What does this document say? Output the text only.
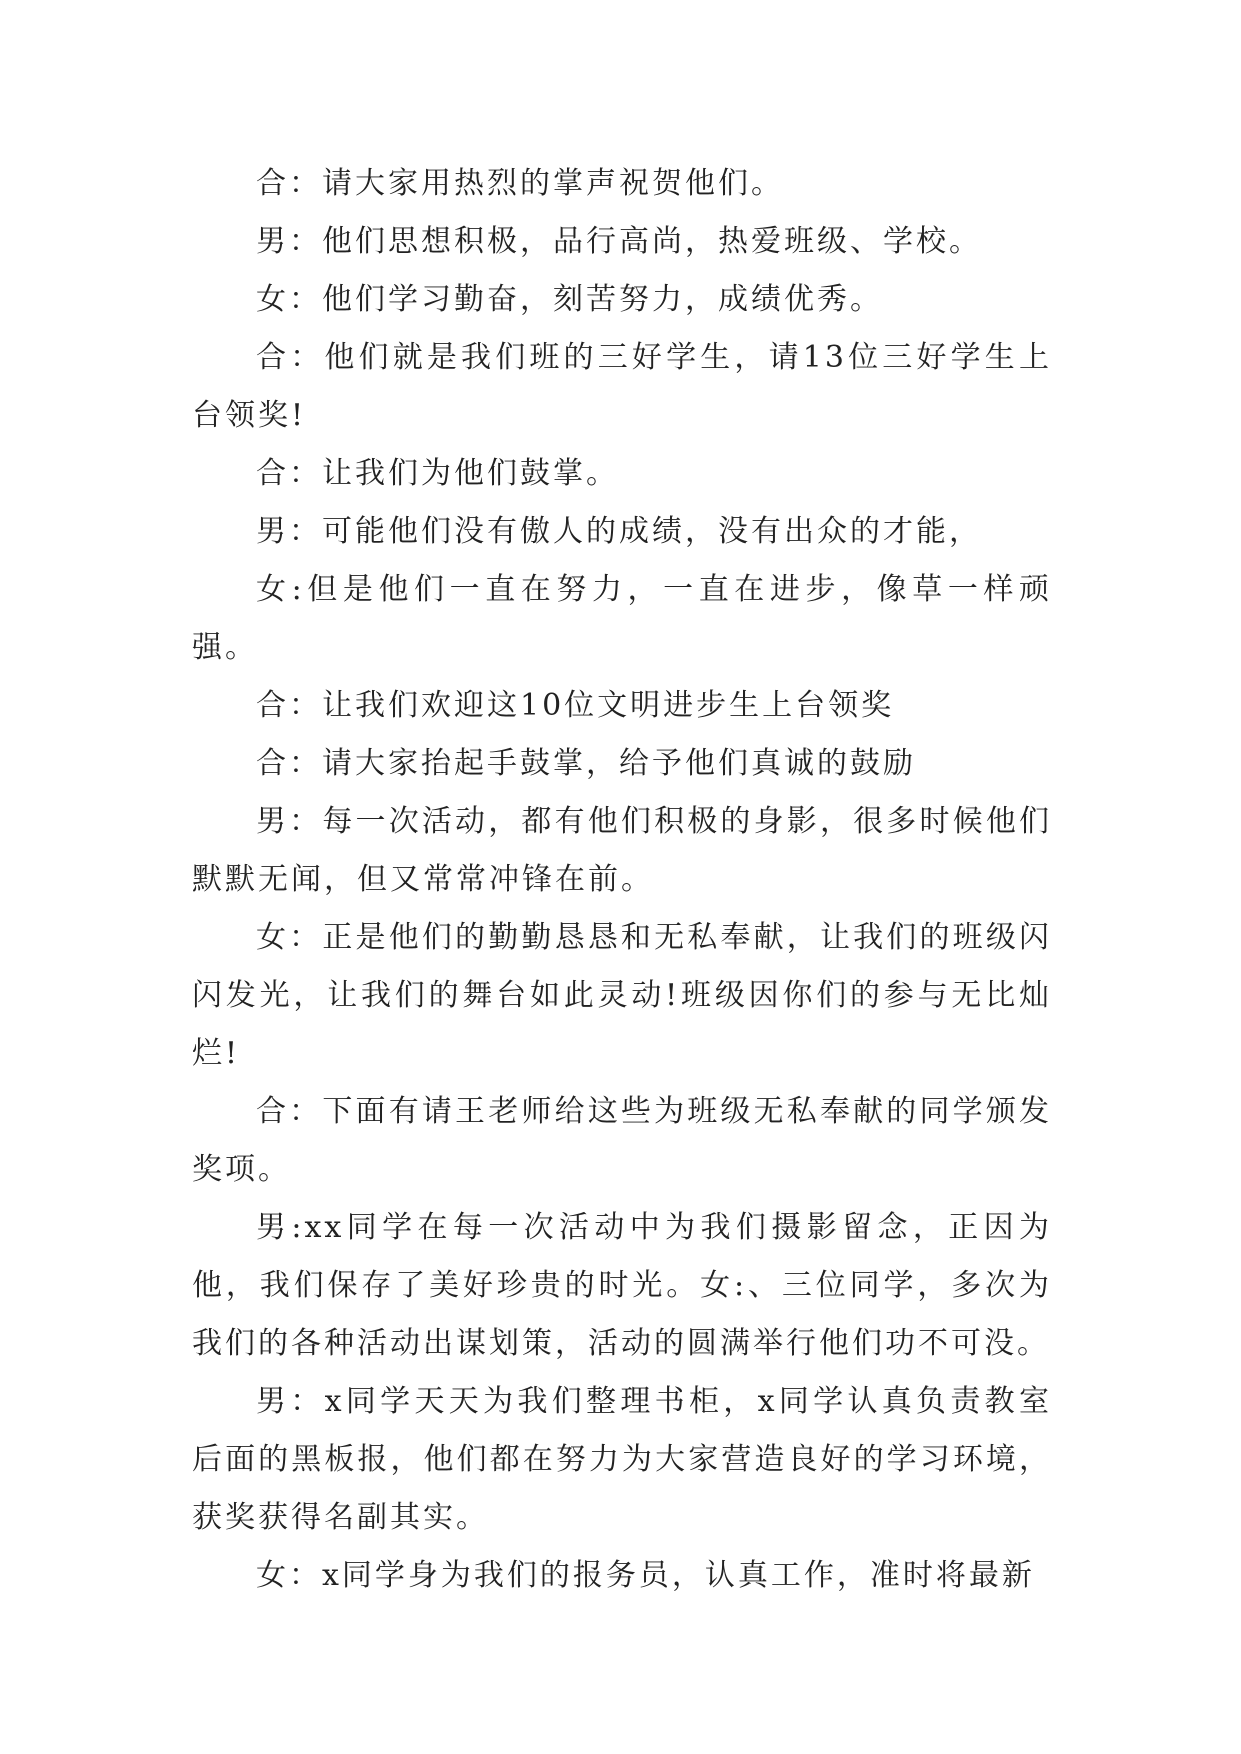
合：请大家用热烈的掌声祝贺他们。

男：他们思想积极，品行高尚，热爱班级、学校。

女：他们学习勤奋，刻苦努力，成绩优秀。

合：他们就是我们班的三好学生，请13位三好学生上台领奖!

合：让我们为他们鼓掌。

男：可能他们没有傲人的成绩，没有出众的才能，

女:但是他们一直在努力，一直在进步，像草一样顽强。

合：让我们欢迎这10位文明进步生上台领奖

合：请大家抬起手鼓掌，给予他们真诚的鼓励

男：每一次活动，都有他们积极的身影，很多时候他们默默无闻，但又常常冲锋在前。

女：正是他们的勤勤恳恳和无私奉献，让我们的班级闪闪发光，让我们的舞台如此灵动!班级因你们的参与无比灿烂!

合：下面有请王老师给这些为班级无私奉献的同学颁发奖项。

男:xx同学在每一次活动中为我们摄影留念，正因为他，我们保存了美好珍贵的时光。女:、三位同学，多次为我们的各种活动出谋划策，活动的圆满举行他们功不可没。

男：x同学天天为我们整理书柜，x同学认真负责教室后面的黑板报，他们都在努力为大家营造良好的学习环境，获奖获得名副其实。

女：x同学身为我们的报务员，认真工作，准时将最新
